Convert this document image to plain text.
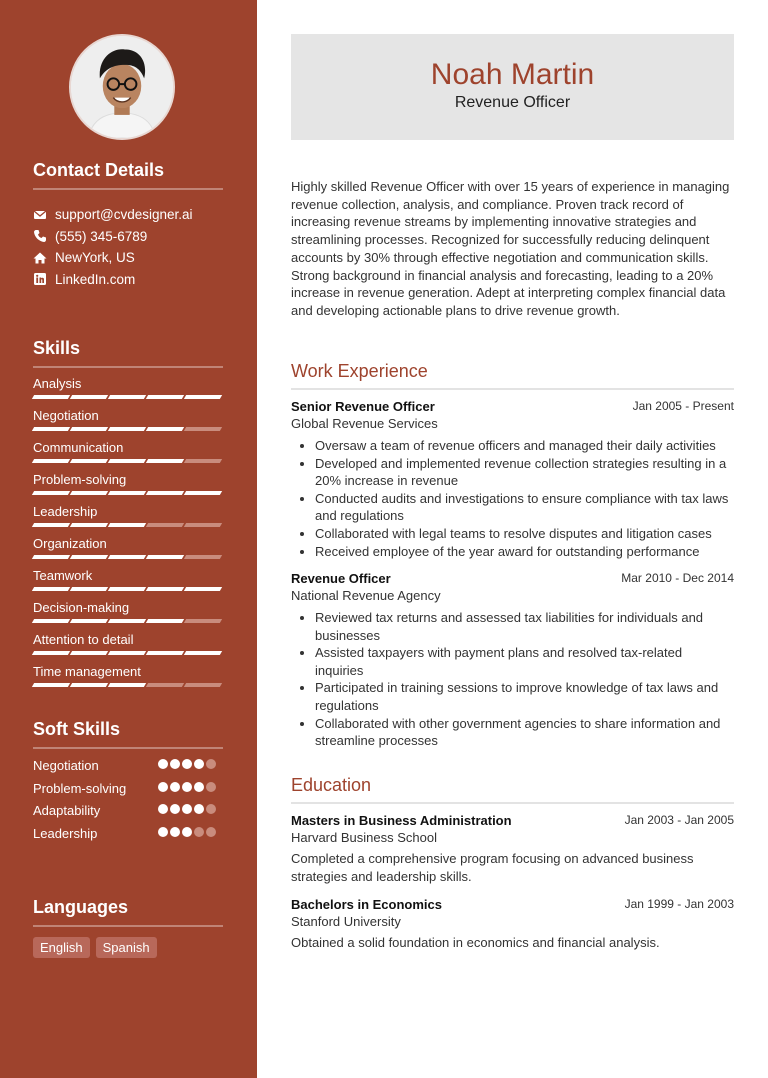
Contact Details
support@cvdesigner.ai
(555) 345-6789
NewYork, US
LinkedIn.com
Skills
Analysis
Negotiation
Communication
Problem-solving
Leadership
Organization
Teamwork
Decision-making
Attention to detail
Time management
Soft Skills
Negotiation
Problem-solving
Adaptability
Leadership
Languages
English	Spanish
Noah Martin
Revenue Officer
Highly skilled Revenue Officer with over 15 years of experience in managing revenue collection, analysis, and compliance. Proven track record of increasing revenue streams by implementing innovative strategies and streamlining processes. Recognized for successfully reducing delinquent accounts by 30% through effective negotiation and communication skills. Strong background in financial analysis and forecasting, leading to a 20% increase in revenue generation. Adept at interpreting complex financial data and developing actionable plans to drive revenue growth.
Work Experience
Senior Revenue Officer	Jan 2005 - Present
Global Revenue Services
• Oversaw a team of revenue officers and managed their daily activities
• Developed and implemented revenue collection strategies resulting in a 20% increase in revenue
• Conducted audits and investigations to ensure compliance with tax laws and regulations
• Collaborated with legal teams to resolve disputes and litigation cases
• Received employee of the year award for outstanding performance
Revenue Officer	Mar 2010 - Dec 2014
National Revenue Agency
• Reviewed tax returns and assessed tax liabilities for individuals and businesses
• Assisted taxpayers with payment plans and resolved tax-related inquiries
• Participated in training sessions to improve knowledge of tax laws and regulations
• Collaborated with other government agencies to share information and streamline processes
Education
Masters in Business Administration	Jan 2003 - Jan 2005
Harvard Business School

Completed a comprehensive program focusing on advanced business strategies and leadership skills.

Bachelors in Economics	Jan 1999 - Jan 2003
Stanford University

Obtained a solid foundation in economics and financial analysis.
